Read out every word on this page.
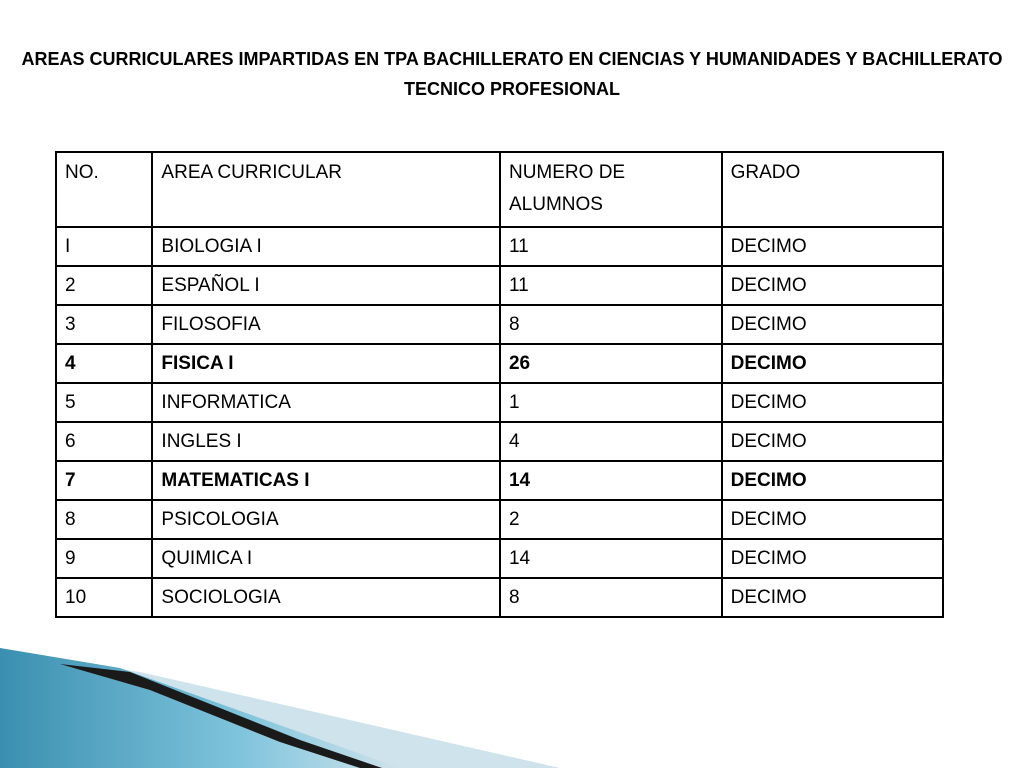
AREAS CURRICULARES IMPARTIDAS EN TPA BACHILLERATO EN CIENCIAS Y HUMANIDADES Y BACHILLERATO TECNICO PROFESIONAL
NO.	AREA CURRICULAR	NUMERO DE ALUMNOS	GRADO
I	BIOLOGIA I	11	DECIMO
2	ESPAÑOL I	11	DECIMO
3	FILOSOFIA	8	DECIMO
4	FISICA I	26	DECIMO
5	INFORMATICA	1	DECIMO
6	INGLES I	4	DECIMO
7	MATEMATICAS I	14	DECIMO
8	PSICOLOGIA	2	DECIMO
9	QUIMICA I	14	DECIMO
10	SOCIOLOGIA	8	DECIMO
